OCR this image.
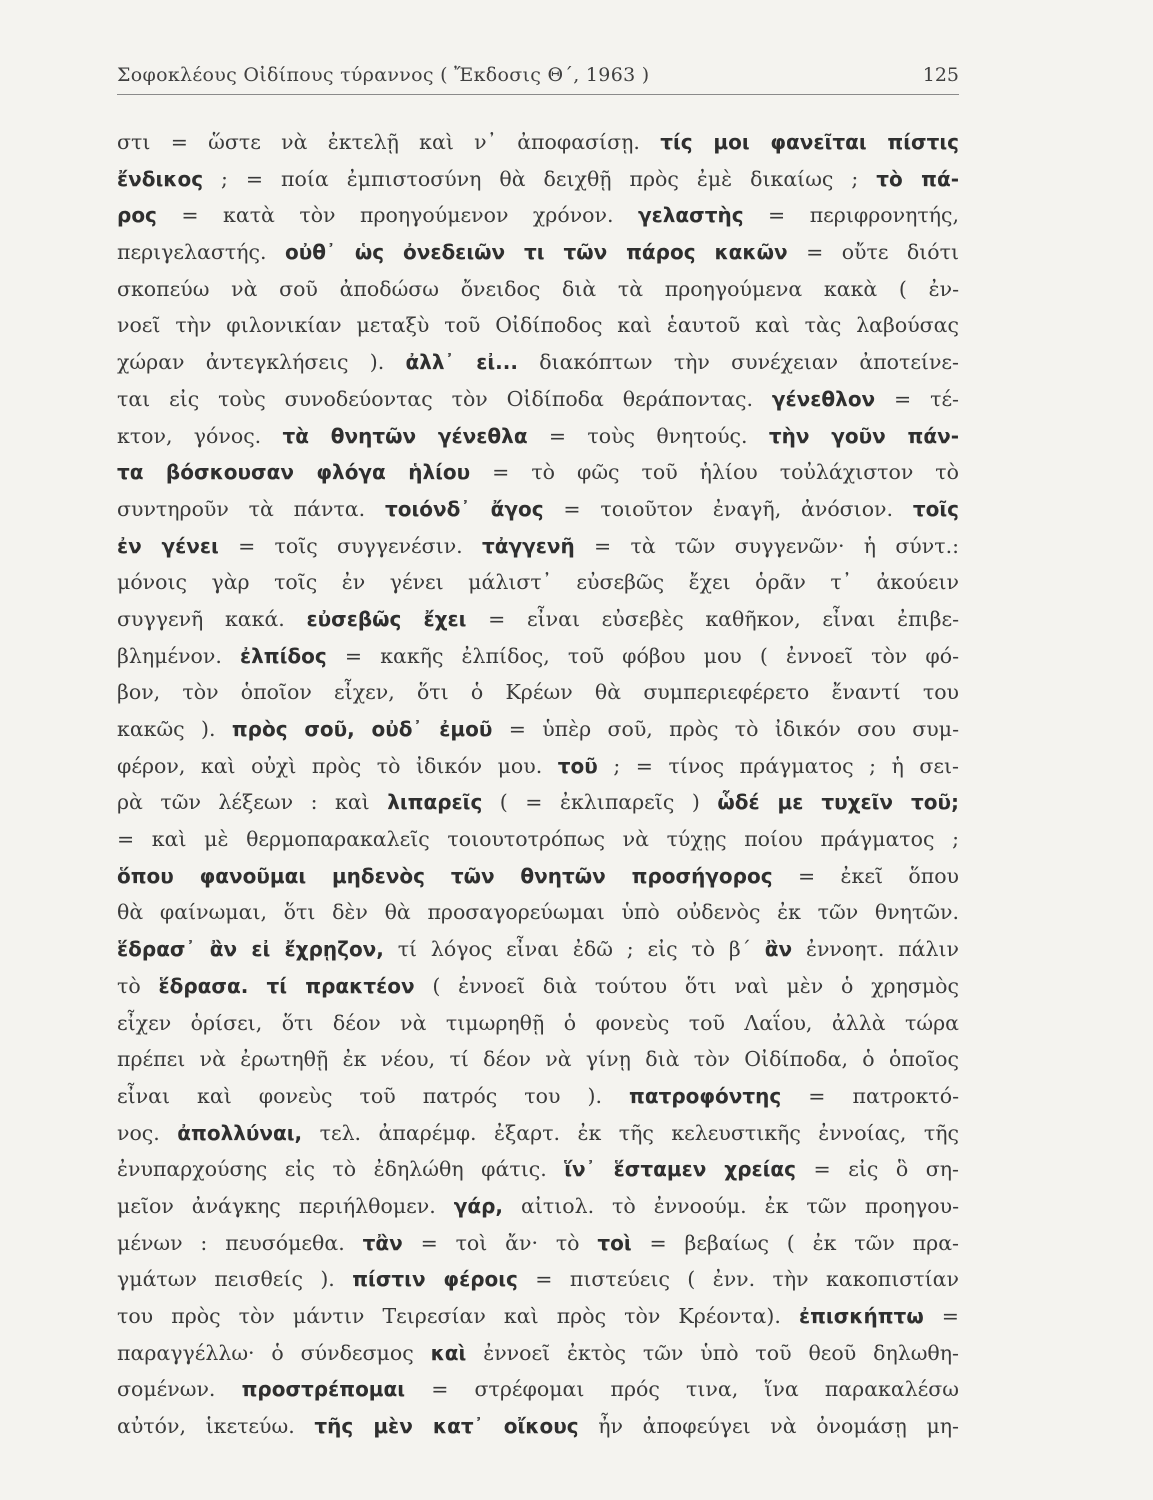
Σοφοκλέους Οἰδίπους τύραννος ( Ἔκδοσις Θ΄, 1963 )	125
στι = ὥστε νὰ ἐκτελῇ καὶ ν᾽ ἀποφασίσῃ. τίς μοι φανεῖται πίστις
ἔνδικος ; = ποία ἐμπιστοσύνη θὰ δειχθῇ πρὸς ἐμὲ δικαίως ; τὸ πά-
ρος = κατὰ τὸν προηγούμενον χρόνον. γελαστὴς = περιφρονητής,
περιγελαστής. οὐθ᾽ ὡς ὀνεδειῶν τι τῶν πάρος κακῶν = οὔτε διότι
σκοπεύω νὰ σοῦ ἀποδώσω ὄνειδος διὰ τὰ προηγούμενα κακὰ ( ἐν-
νοεῖ τὴν φιλονικίαν μεταξὺ τοῦ Οἰδίποδος καὶ ἑαυτοῦ καὶ τὰς λαβούσας
χώραν ἀντεγκλήσεις ). ἀλλ᾽ εἰ... διακόπτων τὴν συνέχειαν ἀποτείνε-
ται εἰς τοὺς συνοδεύοντας τὸν Οἰδίποδα θεράποντας. γένεθλον = τέ-
κτον, γόνος. τὰ θνητῶν γένεθλα = τοὺς θνητούς. τὴν γοῦν πάν-
τα βόσκουσαν φλόγα ἡλίου = τὸ φῶς τοῦ ἡλίου τοὐλάχιστον τὸ
συντηροῦν τὰ πάντα. τοιόνδ᾽ ἄγος = τοιοῦτον ἐναγῆ, ἀνόσιον. τοῖς
ἐν γένει = τοῖς συγγενέσιν. τἀγγενῆ = τὰ τῶν συγγενῶν· ἡ σύντ.:
μόνοις γὰρ τοῖς ἐν γένει μάλιστ᾽ εὐσεβῶς ἔχει ὁρᾶν τ᾽ ἀκούειν
συγγενῆ κακά. εὐσεβῶς ἔχει = εἶναι εὐσεβὲς καθῆκον, εἶναι ἐπιβε-
βλημένον. ἐλπίδος = κακῆς ἐλπίδος, τοῦ φόβου μου ( ἐννοεῖ τὸν φό-
βον, τὸν ὁποῖον εἶχεν, ὅτι ὁ Κρέων θὰ συμπεριεφέρετο ἔναντί του
κακῶς ). πρὸς σοῦ, οὐδ᾽ ἐμοῦ = ὑπὲρ σοῦ, πρὸς τὸ ἰδικόν σου συμ-
φέρον, καὶ οὐχὶ πρὸς τὸ ἰδικόν μου. τοῦ ; = τίνος πράγματος ; ἡ σει-
ρὰ τῶν λέξεων : καὶ λιπαρεῖς ( = ἐκλιπαρεῖς ) ὧδέ με τυχεῖν τοῦ;
= καὶ μὲ θερμοπαρακαλεῖς τοιουτοτρόπως νὰ τύχῃς ποίου πράγματος ;
ὅπου φανοῦμαι μηδενὸς τῶν θνητῶν προσήγορος = ἐκεῖ ὅπου
θὰ φαίνωμαι, ὅτι δὲν θὰ προσαγορεύωμαι ὑπὸ οὐδενὸς ἐκ τῶν θνητῶν.
ἕδρασ᾽ ἂν εἰ ἔχρῃζον, τί λόγος εἶναι ἐδῶ ; εἰς τὸ β΄ ἂν ἐννοητ. πάλιν
τὸ ἕδρασα. τί πρακτέον ( ἐννοεῖ διὰ τούτου ὅτι ναὶ μὲν ὁ χρησμὸς
εἶχεν ὁρίσει, ὅτι δέον νὰ τιμωρηθῇ ὁ φονεὺς τοῦ Λαΐου, ἀλλὰ τώρα
πρέπει νὰ ἐρωτηθῇ ἐκ νέου, τί δέον νὰ γίνῃ διὰ τὸν Οἰδίποδα, ὁ ὁποῖος
εἶναι καὶ φονεὺς τοῦ πατρός του ). πατροφόντης = πατροκτό-
νος. ἀπολλύναι, τελ. ἀπαρέμφ. ἐξαρτ. ἐκ τῆς κελευστικῆς ἐννοίας, τῆς
ἐνυπαρχούσης εἰς τὸ ἐδηλώθη φάτις. ἵν᾽ ἕσταμεν χρείας = εἰς ὃ ση-
μεῖον ἀνάγκης περιήλθομεν. γάρ, αἰτιολ. τὸ ἐννοούμ. ἐκ τῶν προηγου-
μένων : πευσόμεθα. τἂν = τοὶ ἄν· τὸ τοὶ = βεβαίως ( ἐκ τῶν πρα-
γμάτων πεισθείς ). πίστιν φέροις = πιστεύεις ( ἐνν. τὴν κακοπιστίαν
του πρὸς τὸν μάντιν Τειρεσίαν καὶ πρὸς τὸν Κρέοντα). ἐπισκήπτω =
παραγγέλλω· ὁ σύνδεσμος καὶ ἐννοεῖ ἐκτὸς τῶν ὑπὸ τοῦ θεοῦ δηλωθη-
σομένων. προστρέπομαι = στρέφομαι πρός τινα, ἵνα παρακαλέσω
αὐτόν, ἱκετεύω. τῆς μὲν κατ᾽ οἴκους ἦν ἀποφεύγει νὰ ὀνομάσῃ μη-
